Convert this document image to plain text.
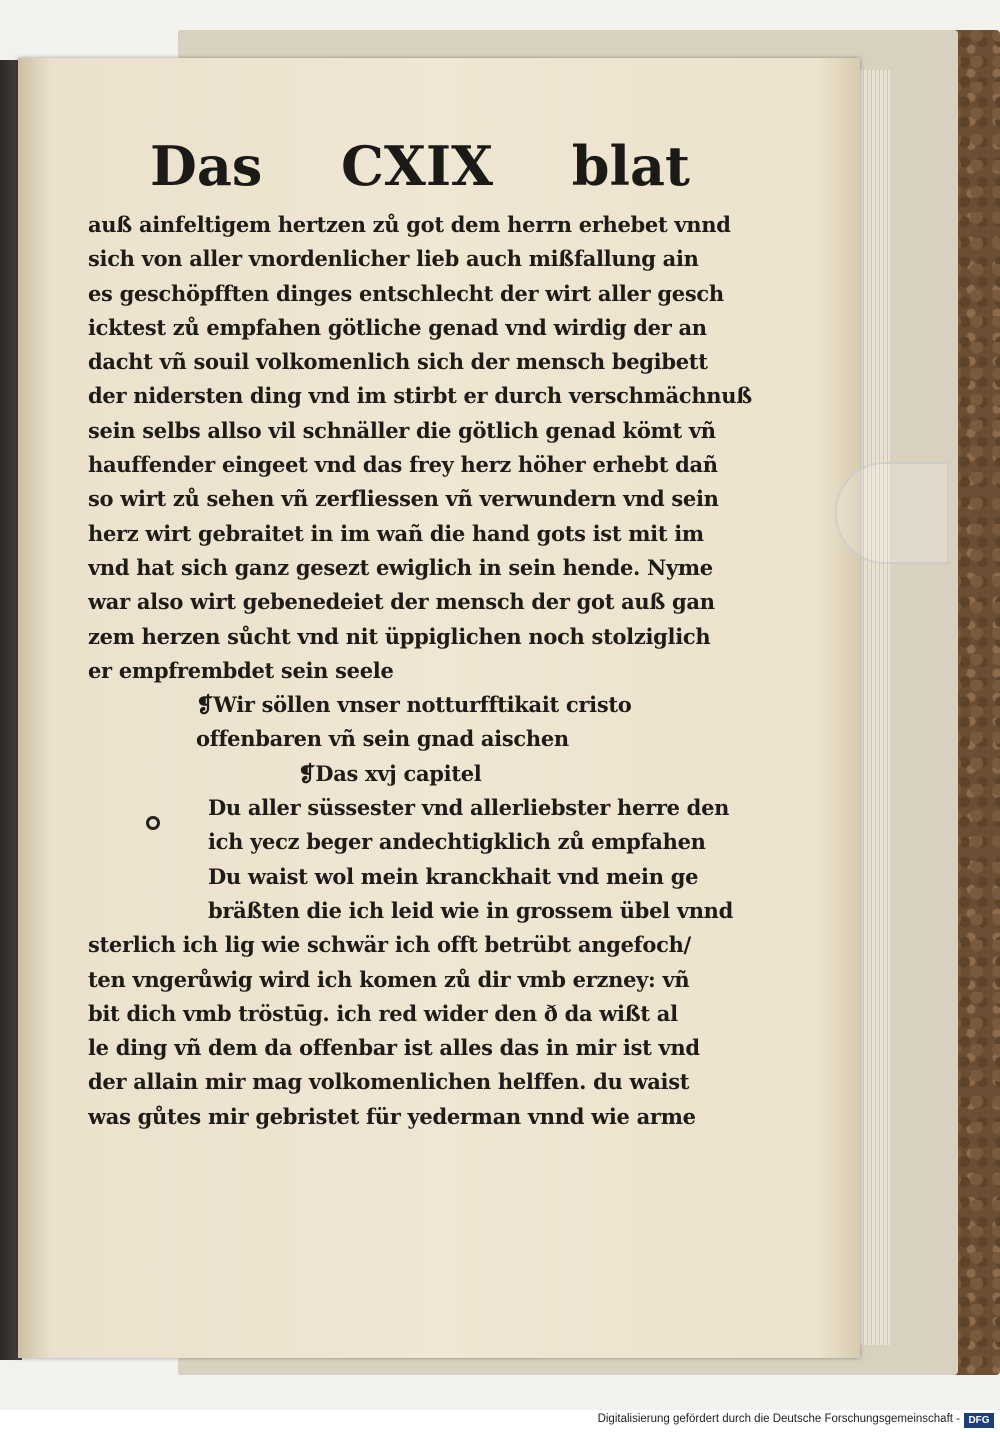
Das CXIX blat
auß ainfeltigem hertzen zů got dem herrn erhebet vnnd
sich von aller vnordenlicher lieb auch mißfallung ain
es geschöpfften dinges entschlecht der wirt aller gesch
icktest zů empfahen götliche genad vnd wirdig der an
dacht vñ souil volkomenlich sich der mensch begibett
der nidersten ding vnd im stirbt er durch verschmächnuß
sein selbs allso vil schnäller die götlich genad kömt vñ
hauffender eingeet vnd das frey herz höher erhebt dañ
so wirt zů sehen vñ zerfliessen vñ verwundern vnd sein
herz wirt gebraitet in im wañ die hand gots ist mit im
vnd hat sich ganz gesezt ewiglich in sein hende. Nyme
war also wirt gebenedeiet der mensch der got auß gan
zem herzen sůcht vnd nit üppiglichen noch stolziglich
er empfrembdet sein seele
❡Wir söllen vnser notturfftikait cristo
offenbaren vñ sein gnad aischen
❡Das xvj capitel
Du aller süssester vnd allerliebster herre den
ich yecz beger andechtigklich zů empfahen
Du waist wol mein kranckhait vnd mein ge
bräßten die ich leid wie in grossem übel vnnd
sterlich ich lig wie schwär ich offt betrübt angefoch/
ten vngerůwig wird ich komen zů dir vmb erzney: vñ
bit dich vmb tröstūg. ich red wider den ð da wißt al
le ding vñ dem da offenbar ist alles das in mir ist vnd
der allain mir mag volkomenlichen helffen. du waist
was gůtes mir gebristet für yederman vnnd wie arme
Digitalisierung gefördert durch die Deutsche Forschungsgemeinschaft - DFG
